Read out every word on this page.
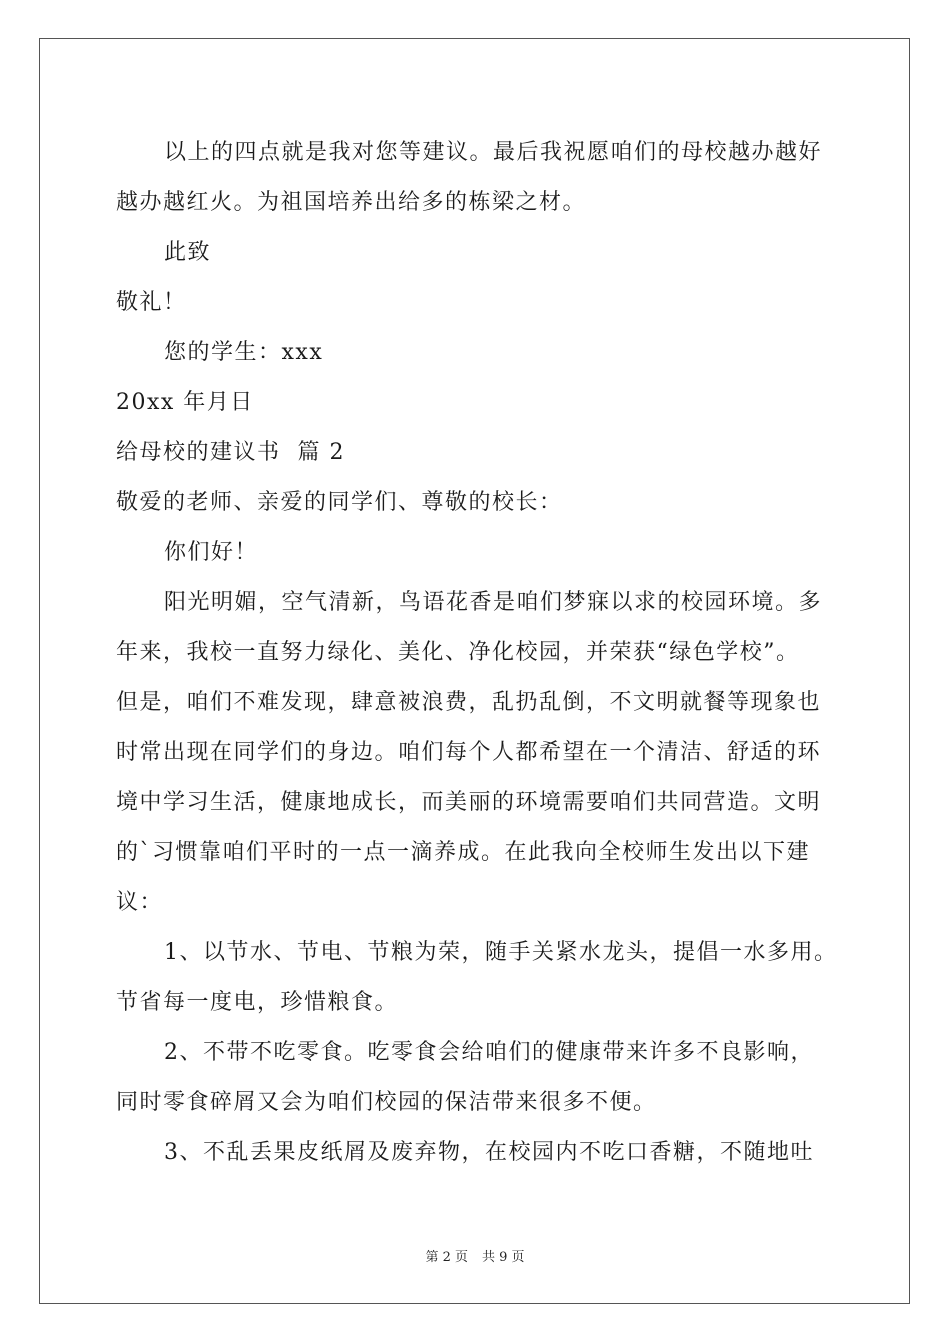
以上的四点就是我对您等建议。最后我祝愿咱们的母校越办越好
越办越红火。为祖国培养出给多的栋梁之材。
此致
敬礼！
您的学生：xxx
20xx 年月日
给母校的建议书  篇 2
敬爱的老师、亲爱的同学们、尊敬的校长：
你们好！
阳光明媚，空气清新，鸟语花香是咱们梦寐以求的校园环境。多
年来，我校一直努力绿化、美化、净化校园，并荣获“绿色学校”。
但是，咱们不难发现，肆意被浪费，乱扔乱倒，不文明就餐等现象也
时常出现在同学们的身边。咱们每个人都希望在一个清洁、舒适的环
境中学习生活，健康地成长，而美丽的环境需要咱们共同营造。文明
的`习惯靠咱们平时的一点一滴养成。在此我向全校师生发出以下建
议：
1、以节水、节电、节粮为荣，随手关紧水龙头，提倡一水多用。
节省每一度电，珍惜粮食。
2、不带不吃零食。吃零食会给咱们的健康带来许多不良影响，
同时零食碎屑又会为咱们校园的保洁带来很多不便。
3、不乱丢果皮纸屑及废弃物，在校园内不吃口香糖，不随地吐
第 2 页 共 9 页
